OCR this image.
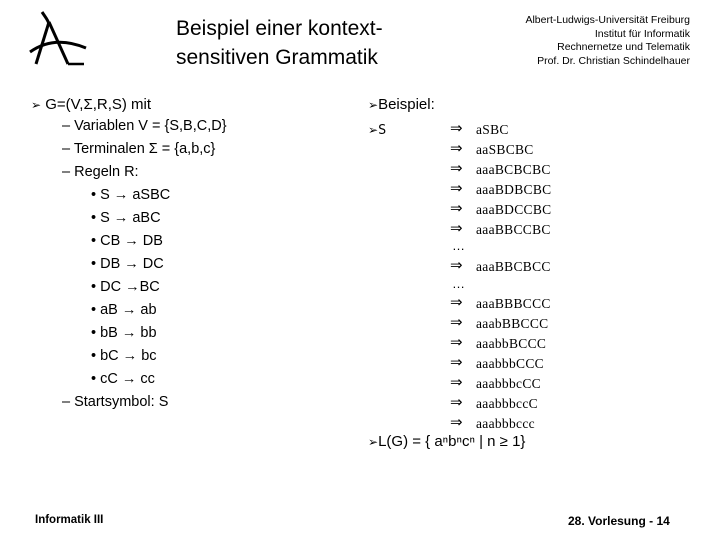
Beispiel einer kontext-
sensitiven Grammatik
Albert-Ludwigs-Universität Freiburg
Institut für Informatik
Rechnernetze und Telematik
Prof. Dr. Christian Schindelhauer
➢ G=(V,Σ,R,S) mit
– Variablen V = {S,B,C,D}
– Terminalen Σ = {a,b,c}
– Regeln R:
• S → aSBC
• S → aBC
• CB → DB
• DB → DC
• DC →BC
• aB → ab
• bB → bb
• bC → bc
• cC → cc
– Startsymbol: S
➢Beispiel:
➢S	⇒
⇒
⇒
⇒
⇒
⇒
…
⇒
…
⇒
⇒
⇒
⇒
⇒
⇒
⇒
aSBC
aaSBCBC
aaaBCBCBC
aaaBDBCBC
aaaBDCCBC
aaaBBCCBC
aaaBBCBCC
aaaBBBCCC
aaabBBCCC
aaabbBCCC
aaabbbCCC
aaabbbcCC
aaabbbccC
aaabbbccc
➢L(G) = { aⁿbⁿcⁿ | n ≥ 1}
Informatik III	28. Vorlesung - 14
